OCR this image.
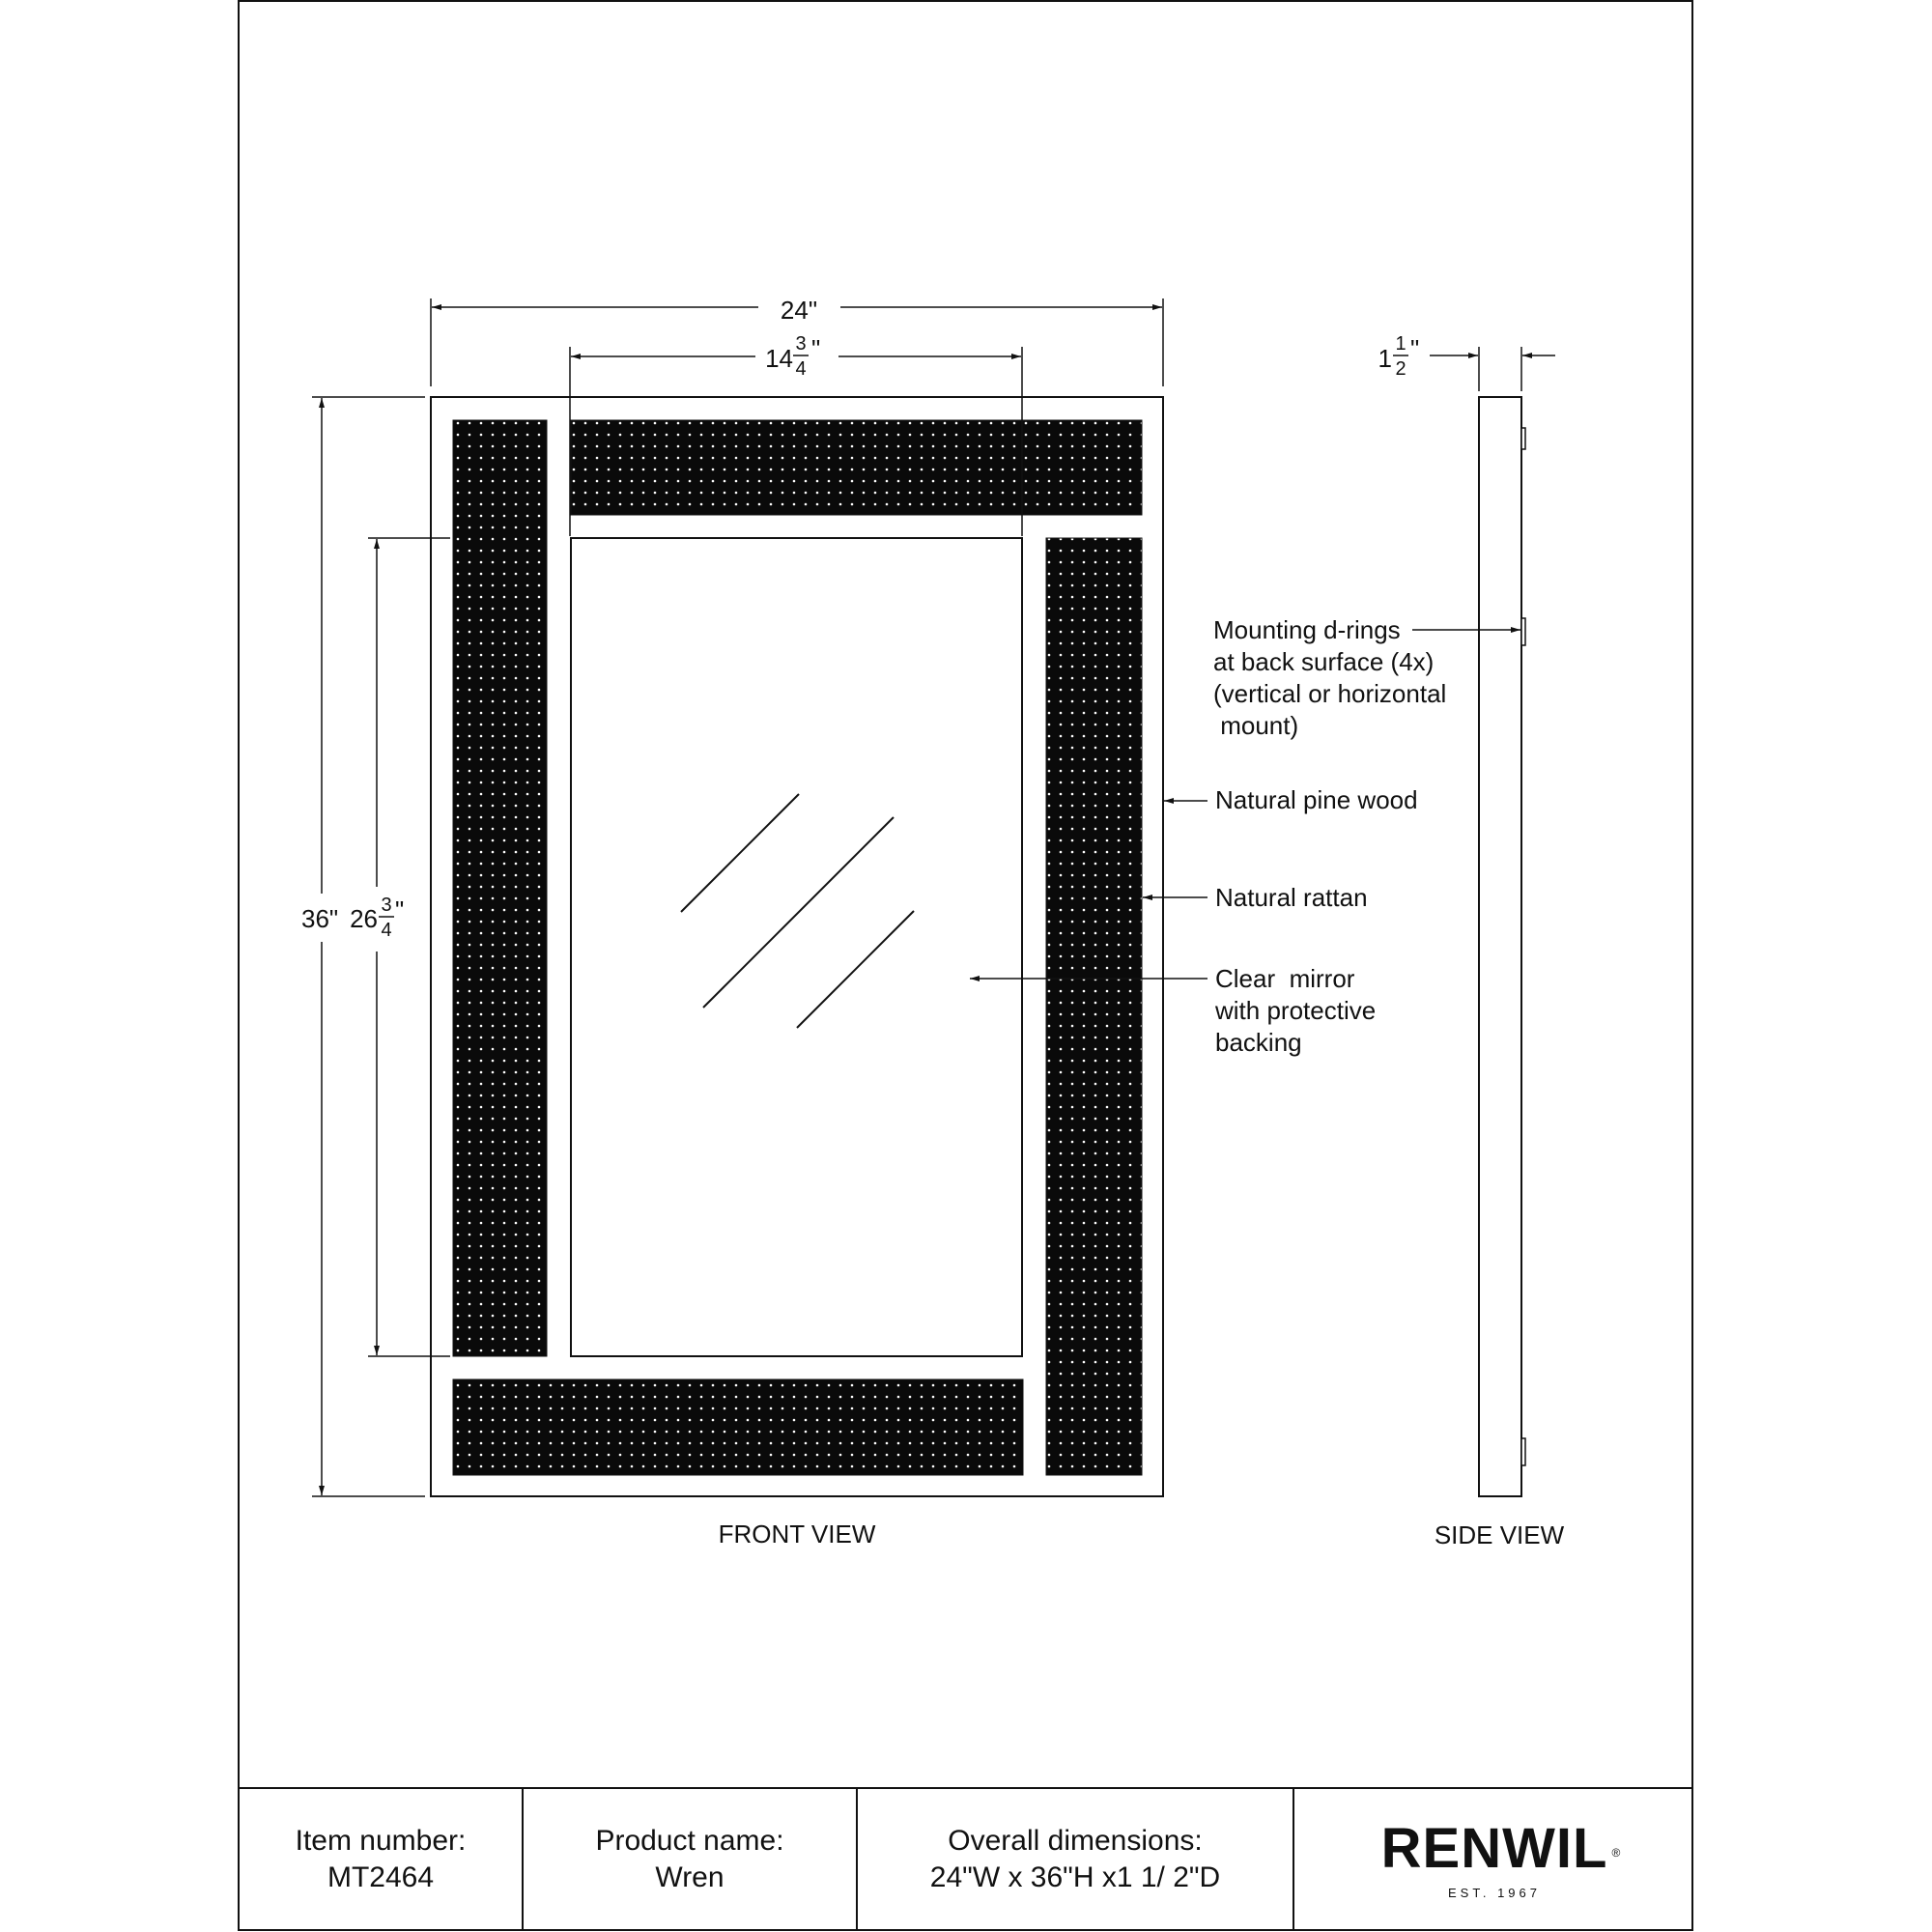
24"
14 3
4
"
36" 26 3
4
"
1 1
2
"
Mounting d-rings at back surface (4x) (vertical or horizontal      mount)
Natural pine wood
Natural rattan
Clear  mirror with protective backing
FRONT VIEW	SIDE VIEW
Item number:
MT2464
Product name:
Wren
Overall dimensions:
24"W x 36"H x1 1/ 2"D	RENWIL ®
EST. 1967
